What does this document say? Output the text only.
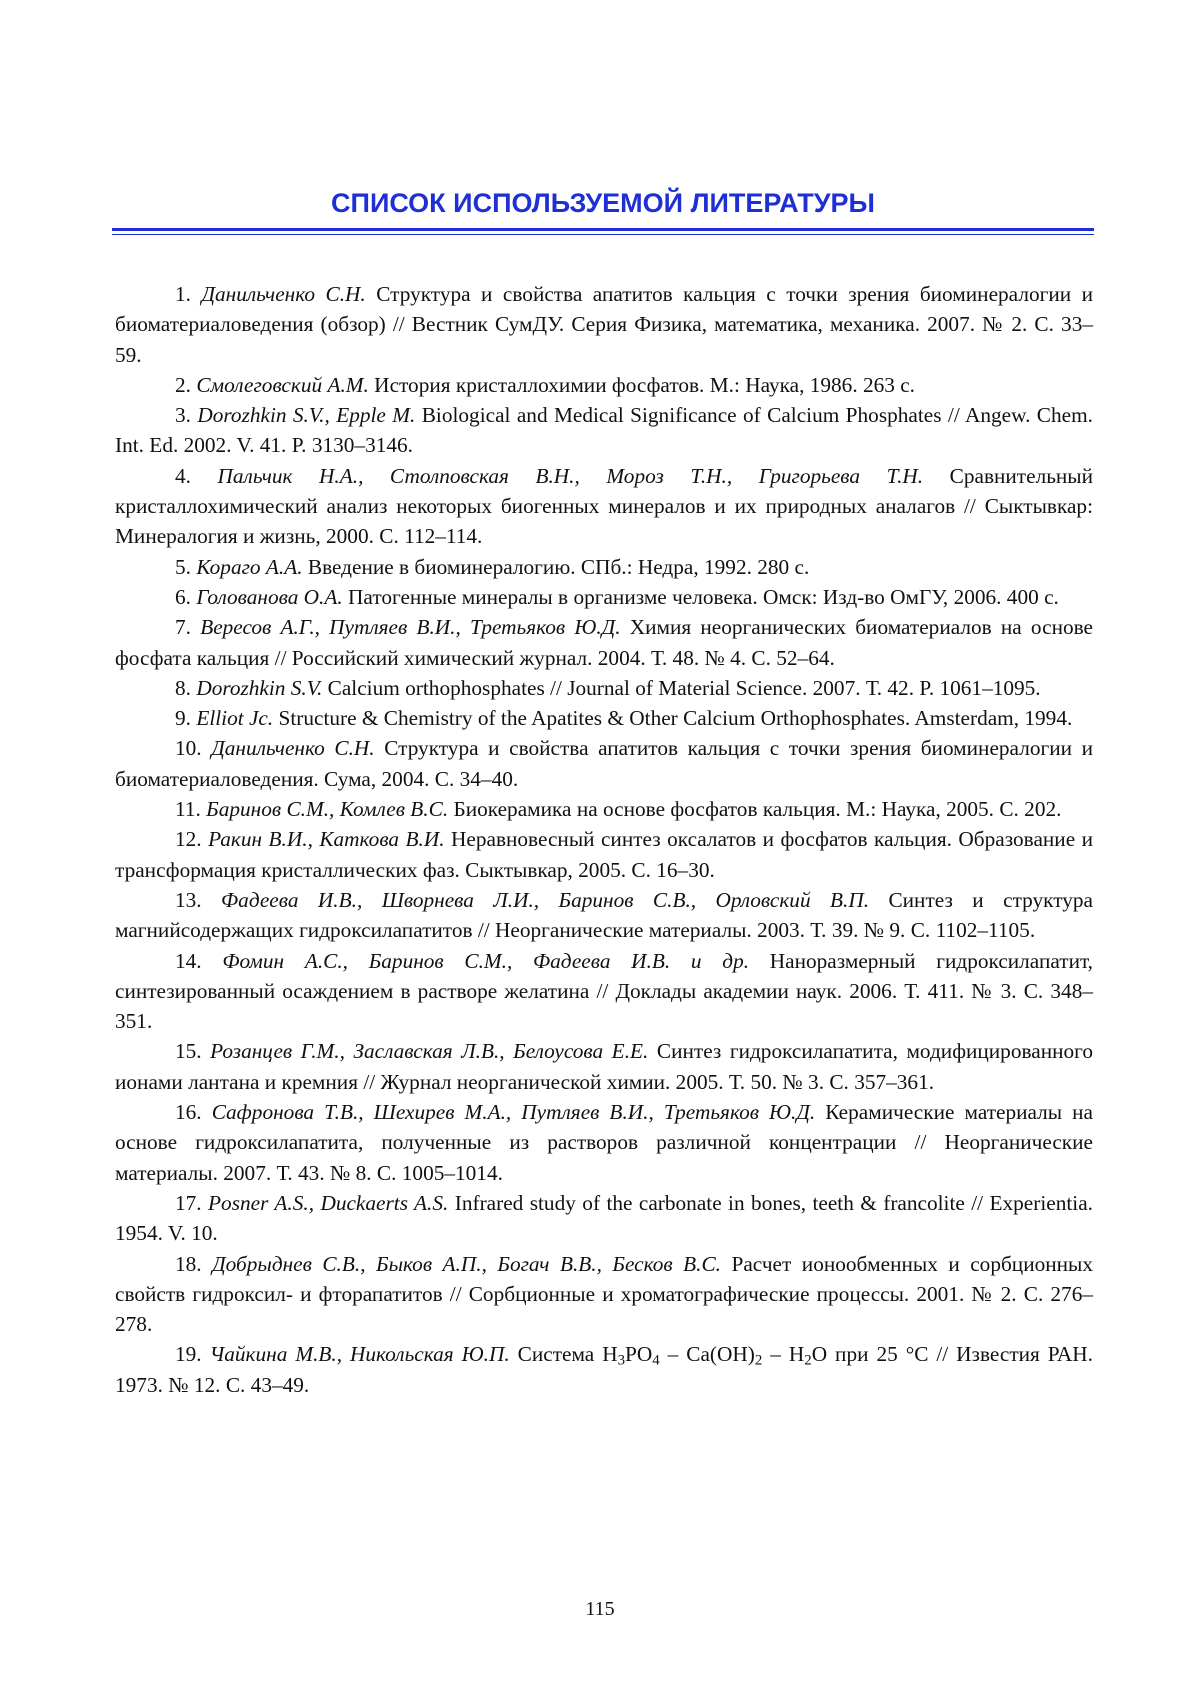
СПИСОК ИСПОЛЬЗУЕМОЙ ЛИТЕРАТУРЫ

1. Данильченко С.Н. Структура и свойства апатитов кальция с точки зрения биоминералогии и биоматериаловедения (обзор) // Вестник СумДУ. Серия Физика, математика, механика. 2007. № 2. С. 33–59.

2. Смолеговский А.М. История кристаллохимии фосфатов. М.: Наука, 1986. 263 с.

3. Dorozhkin S.V., Epple M. Biological and Medical Significance of Calcium Phosphates // Angew. Chem. Int. Ed. 2002. V. 41. P. 3130–3146.

4. Пальчик Н.А., Столповская В.Н., Мороз Т.Н., Григорьева Т.Н. Сравнительный кристаллохимический анализ некоторых биогенных минералов и их природных аналагов // Сыктывкар: Минералогия и жизнь, 2000. С. 112–114.

5. Кораго А.А. Введение в биоминералогию. СПб.: Недра, 1992. 280 с.

6. Голованова О.А. Патогенные минералы в организме человека. Омск: Изд-во ОмГУ, 2006. 400 с.

7. Вересов А.Г., Путляев В.И., Третьяков Ю.Д. Химия неорганических биоматериалов на основе фосфата кальция // Российский химический журнал. 2004. Т. 48. № 4. С. 52–64.

8. Dorozhkin S.V. Calcium orthophosphates // Journal of Material Science. 2007. Т. 42. P. 1061–1095.

9. Elliot Jc. Structure & Chemistry of the Apatites & Other Calcium Orthophosphates. Amsterdam, 1994.

10. Данильченко С.Н. Структура и свойства апатитов кальция с точки зрения биоминералогии и биоматериаловедения. Сума, 2004. С. 34–40.

11. Баринов С.М., Комлев В.С. Биокерамика на основе фосфатов кальция. М.: Наука, 2005. С. 202.

12. Ракин В.И., Каткова В.И. Неравновесный синтез оксалатов и фосфатов кальция. Образование и трансформация кристаллических фаз. Сыктывкар, 2005. С. 16–30.

13. Фадеева И.В., Шворнева Л.И., Баринов С.В., Орловский В.П. Синтез и структура магнийсодержащих гидроксилапатитов // Неорганические материалы. 2003. Т. 39. № 9. С. 1102–1105.

14. Фомин А.С., Баринов С.М., Фадеева И.В. и др. Наноразмерный гидроксилапатит, синтезированный осаждением в растворе желатина // Доклады академии наук. 2006. Т. 411. № 3. С. 348–351.

15. Розанцев Г.М., Заславская Л.В., Белоусова Е.Е. Синтез гидроксилапатита, модифицированного ионами лантана и кремния // Журнал неорганической химии. 2005. Т. 50. № 3. С. 357–361.

16. Сафронова Т.В., Шехирев М.А., Путляев В.И., Третьяков Ю.Д. Керамические материалы на основе гидроксилапатита, полученные из растворов различной концентрации // Неорганические материалы. 2007. Т. 43. № 8. С. 1005–1014.

17. Posner A.S., Duckaerts A.S. Infrared study of the carbonate in bones, teeth & francolite // Experientia. 1954. V. 10.

18. Добрыднев С.В., Быков А.П., Богач В.В., Бесков В.С. Расчет ионообменных и сорбционных свойств гидроксил- и фторапатитов // Сорбционные и хроматографические процессы. 2001. № 2. С. 276–278.

19. Чайкина М.В., Никольская Ю.П. Система $H_3PO_4 - Ca(OH)_2 - H_2O$ при 25 °С // Известия РАН. 1973. № 12. С. 43–49.

115
